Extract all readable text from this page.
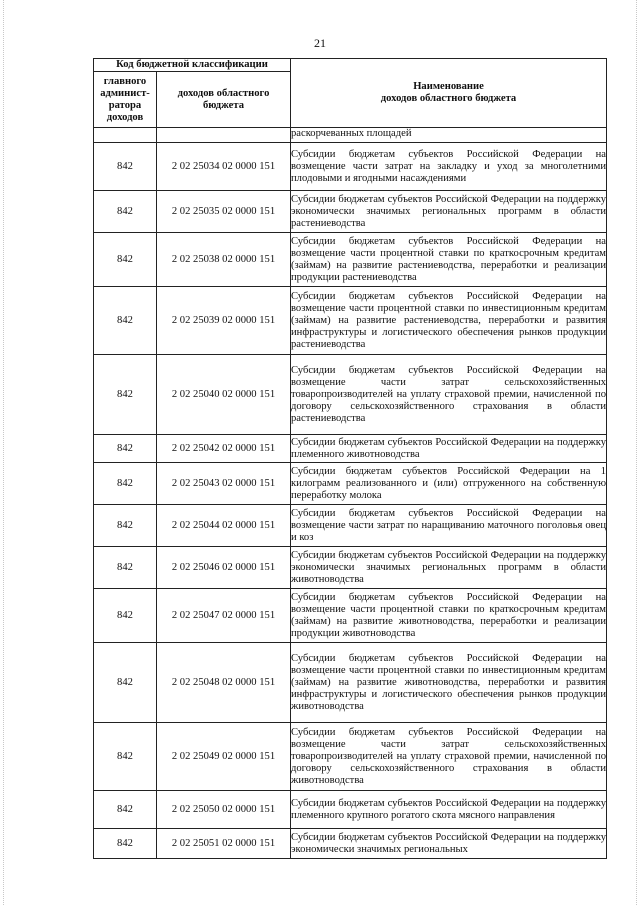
21
Код бюджетной классификации		Наименование
доходов областного бюджета

главного админист-ратора доходов	доходов областного бюджета	
		раскорчеванных площадей
842	2 02 25034 02 0000 151	Субсидии бюджетам субъектов Российской Федерации на возмещение части затрат на закладку и уход за многолетними плодовыми и ягодными насаждениями

842	2 02 25035 02 0000 151	Субсидии бюджетам субъектов Российской Федерации на поддержку экономически значимых региональных программ в области растениеводства

842	2 02 25038 02 0000 151	Субсидии бюджетам субъектов Российской Федерации на возмещение части процентной ставки по краткосрочным кредитам (займам) на развитие растениеводства, переработки и реализации продукции растениеводства

842	2 02 25039 02 0000 151	Субсидии бюджетам субъектов Российской Федерации на возмещение части процентной ставки по инвестиционным кредитам (займам) на развитие растениеводства, переработки и развития инфраструктуры и логистического обеспечения рынков продукции растениеводства

842	2 02 25040 02 0000 151	Субсидии бюджетам субъектов Российской Федерации на возмещение части затрат сельскохозяйственных товаропроизводителей на уплату страховой премии, начисленной по договору сельскохозяйственного страхования в области растениеводства

842	2 02 25042 02 0000 151	Субсидии бюджетам субъектов Российской Федерации на поддержку племенного животноводства

842	2 02 25043 02 0000 151	Субсидии бюджетам субъектов Российской Федерации на 1 килограмм реализованного и (или) отгруженного на собственную переработку молока

842	2 02 25044 02 0000 151	Субсидии бюджетам субъектов Российской Федерации на возмещение части затрат по наращиванию маточного поголовья овец и коз

842	2 02 25046 02 0000 151	Субсидии бюджетам субъектов Российской Федерации на поддержку экономически значимых региональных программ в области животноводства

842	2 02 25047 02 0000 151	Субсидии бюджетам субъектов Российской Федерации на возмещение части процентной ставки по краткосрочным кредитам (займам) на развитие животноводства, переработки и реализации продукции животноводства

842	2 02 25048 02 0000 151	Субсидии бюджетам субъектов Российской Федерации на возмещение части процентной ставки по инвестиционным кредитам (займам) на развитие животноводства, переработки и развития инфраструктуры и логистического обеспечения рынков продукции животноводства

842	2 02 25049 02 0000 151	Субсидии бюджетам субъектов Российской Федерации на возмещение части затрат сельскохозяйственных товаропроизводителей на уплату страховой премии, начисленной по договору сельскохозяйственного страхования в области животноводства

842	2 02 25050 02 0000 151	Субсидии бюджетам субъектов Российской Федерации на поддержку племенного крупного рогатого скота мясного направления

842	2 02 25051 02 0000 151	Субсидии бюджетам субъектов Российской Федерации на поддержку экономически значимых региональных
